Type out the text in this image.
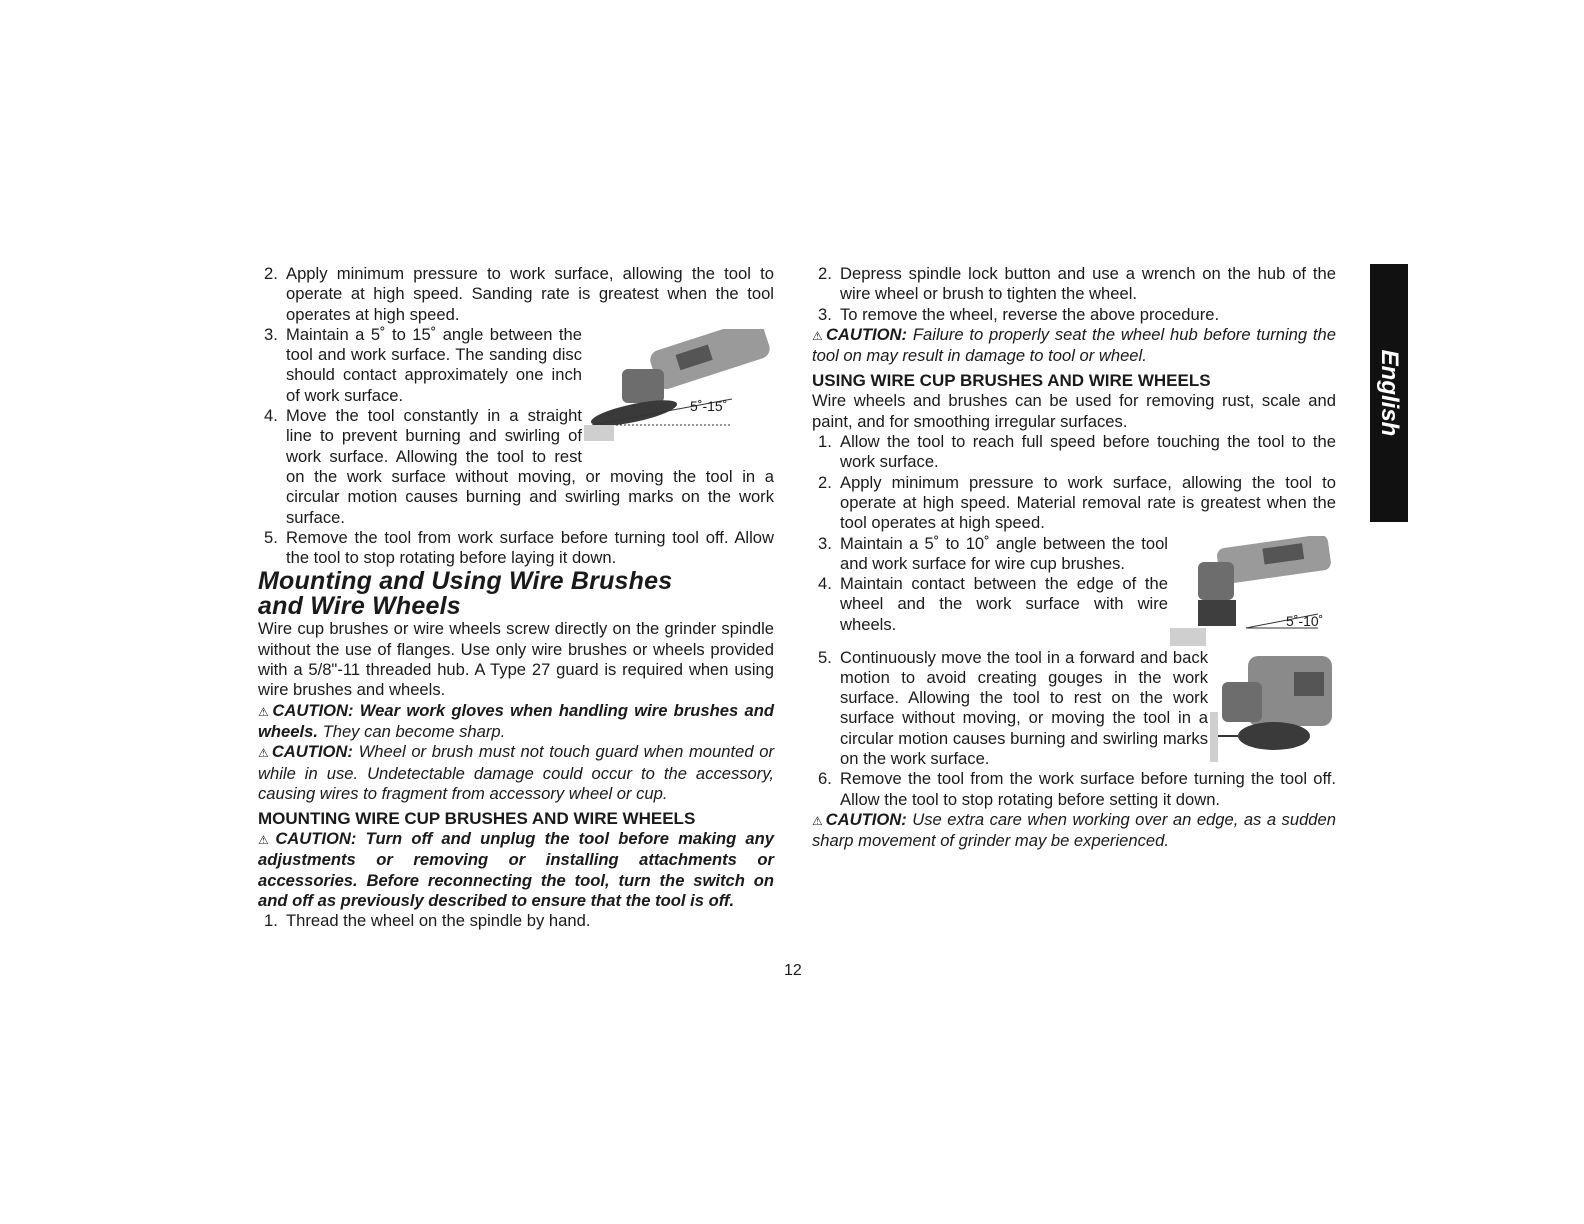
2. Apply minimum pressure to work surface, allowing the tool to operate at high speed. Sanding rate is greatest when the tool operates at high speed.
5˚-15˚
3. Maintain a 5˚ to 15˚ angle between the tool and work surface. The sanding disc should contact approximately one inch of work surface.
4. Move the tool constantly in a straight line to prevent burning and swirling of work surface. Allowing the tool to rest on the work surface without moving, or moving the tool in a circular motion causes burning and swirling marks on the work surface.
5. Remove the tool from work surface before turning tool off. Allow the tool to stop rotating before laying it down.
Mounting and Using Wire Brushes
and Wire Wheels

Wire cup brushes or wire wheels screw directly on the grinder spindle without the use of flanges. Use only wire brushes or wheels provided with a 5/8"-11 threaded hub. A Type 27 guard is required when using wire brushes and wheels.

⚠ CAUTION: Wear work gloves when handling wire brushes and wheels. They can become sharp.

⚠ CAUTION: Wheel or brush must not touch guard when mounted or while in use. Undetectable damage could occur to the accessory, causing wires to fragment from accessory wheel or cup.

MOUNTING WIRE CUP BRUSHES AND WIRE WHEELS

⚠ CAUTION: Turn off and unplug the tool before making any adjustments or removing or installing attachments or accessories. Before reconnecting the tool, turn the switch on and off as previously described to ensure that the tool is off.

1. Thread the wheel on the spindle by hand.
2. Depress spindle lock button and use a wrench on the hub of the wire wheel or brush to tighten the wheel.
3. To remove the wheel, reverse the above procedure.

⚠ CAUTION: Failure to properly seat the wheel hub before turning the tool on may result in damage to tool or wheel.

USING WIRE CUP BRUSHES AND WIRE WHEELS

Wire wheels and brushes can be used for removing rust, scale and paint, and for smoothing irregular surfaces.

1. Allow the tool to reach full speed before touching the tool to the work surface.
2. Apply minimum pressure to work surface, allowing the tool to operate at high speed. Material removal rate is greatest when the tool operates at high speed.
5˚-10˚
3. Maintain a 5˚ to 10˚ angle between the tool and work surface for wire cup brushes.
4. Maintain contact between the edge of the wheel and the work surface with wire wheels.
5. Continuously move the tool in a forward and back motion to avoid creating gouges in the work surface. Allowing the tool to rest on the work surface without moving, or moving the tool in a circular motion causes burning and swirling marks on the work surface.
6. Remove the tool from the work surface before turning the tool off. Allow the tool to stop rotating before setting it down.

⚠ CAUTION: Use extra care when working over an edge, as a sudden sharp movement of grinder may be experienced.

English
12
